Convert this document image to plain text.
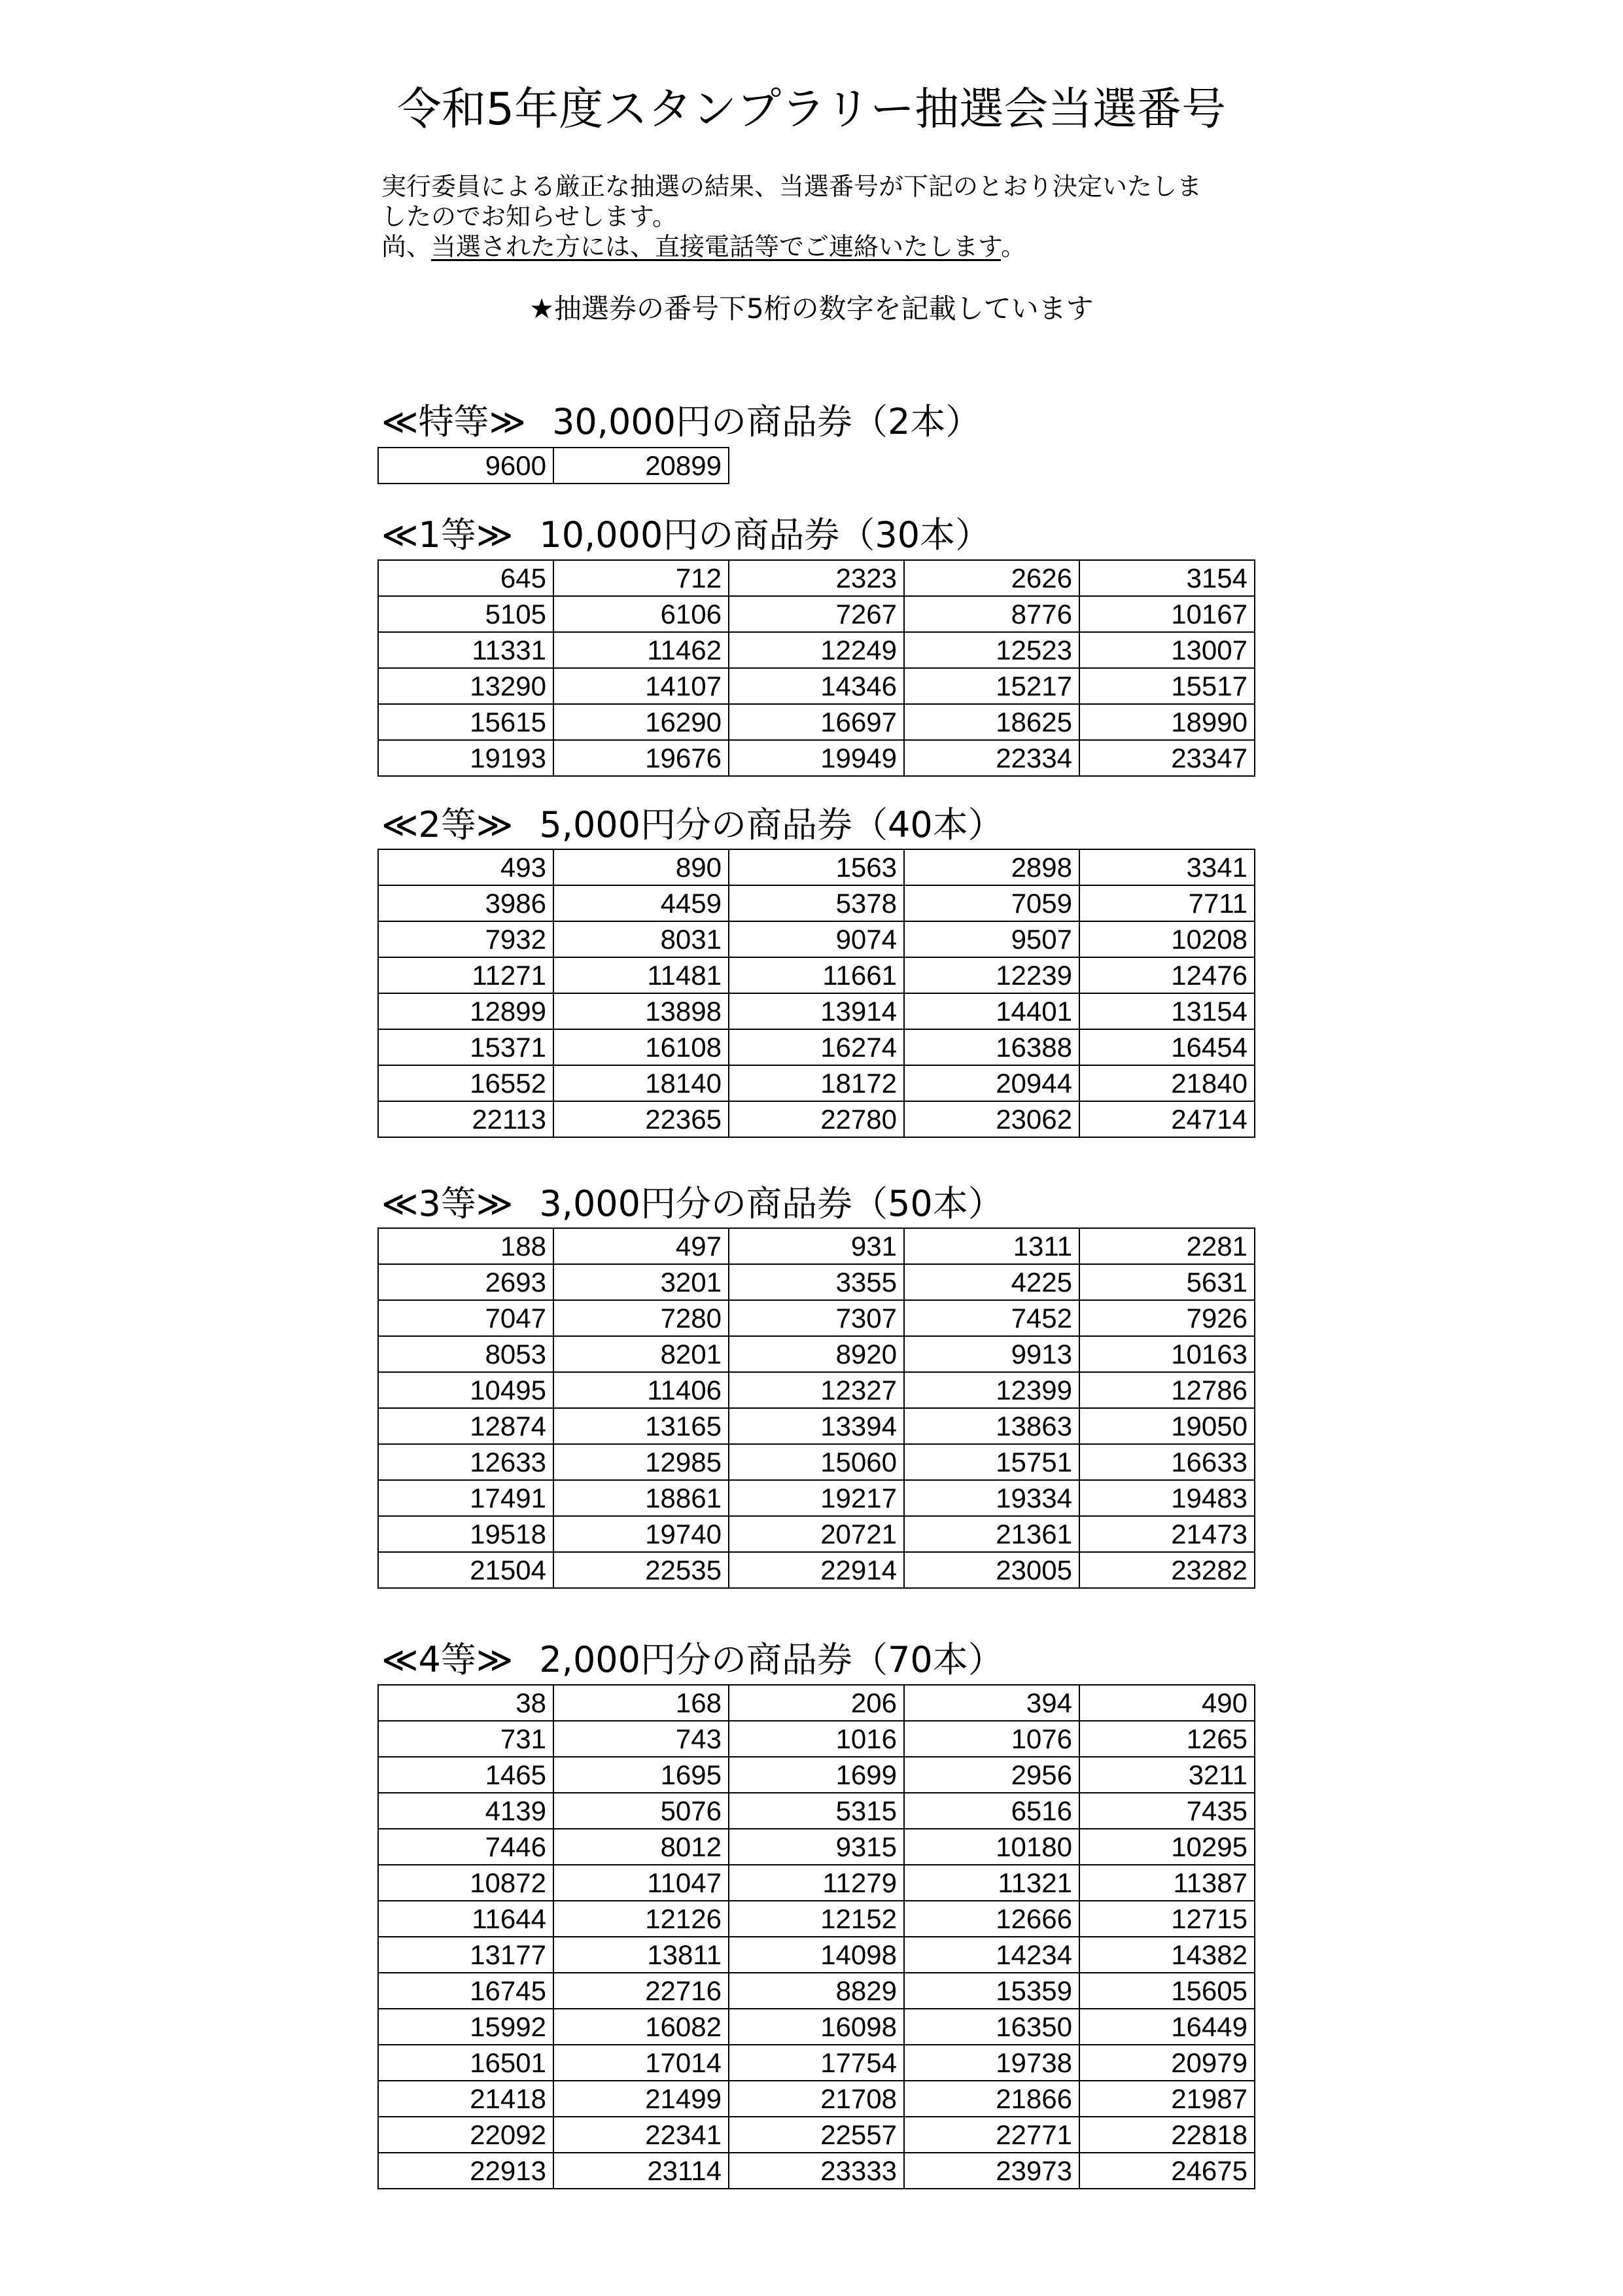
令和5年度スタンプラリー抽選会当選番号
実行委員による厳正な抽選の結果、当選番号が下記のとおり決定いたしま
したのでお知らせします。
尚、当選された方には、直接電話等でご連絡いたします。
★抽選券の番号下5桁の数字を記載しています
≪特等≫ 30,000円の商品券（2本）
9600	20899
≪1等≫ 10,000円の商品券（30本）
645	712	2323	2626	3154
5105	6106	7267	8776	10167
11331	11462	12249	12523	13007
13290	14107	14346	15217	15517
15615	16290	16697	18625	18990
19193	19676	19949	22334	23347
≪2等≫ 5,000円分の商品券（40本）
493	890	1563	2898	3341
3986	4459	5378	7059	7711
7932	8031	9074	9507	10208
11271	11481	11661	12239	12476
12899	13898	13914	14401	13154
15371	16108	16274	16388	16454
16552	18140	18172	20944	21840
22113	22365	22780	23062	24714
≪3等≫ 3,000円分の商品券（50本）
188	497	931	1311	2281
2693	3201	3355	4225	5631
7047	7280	7307	7452	7926
8053	8201	8920	9913	10163
10495	11406	12327	12399	12786
12874	13165	13394	13863	19050
12633	12985	15060	15751	16633
17491	18861	19217	19334	19483
19518	19740	20721	21361	21473
21504	22535	22914	23005	23282
≪4等≫ 2,000円分の商品券（70本）
38	168	206	394	490
731	743	1016	1076	1265
1465	1695	1699	2956	3211
4139	5076	5315	6516	7435
7446	8012	9315	10180	10295
10872	11047	11279	11321	11387
11644	12126	12152	12666	12715
13177	13811	14098	14234	14382
16745	22716	8829	15359	15605
15992	16082	16098	16350	16449
16501	17014	17754	19738	20979
21418	21499	21708	21866	21987
22092	22341	22557	22771	22818
22913	23114	23333	23973	24675
